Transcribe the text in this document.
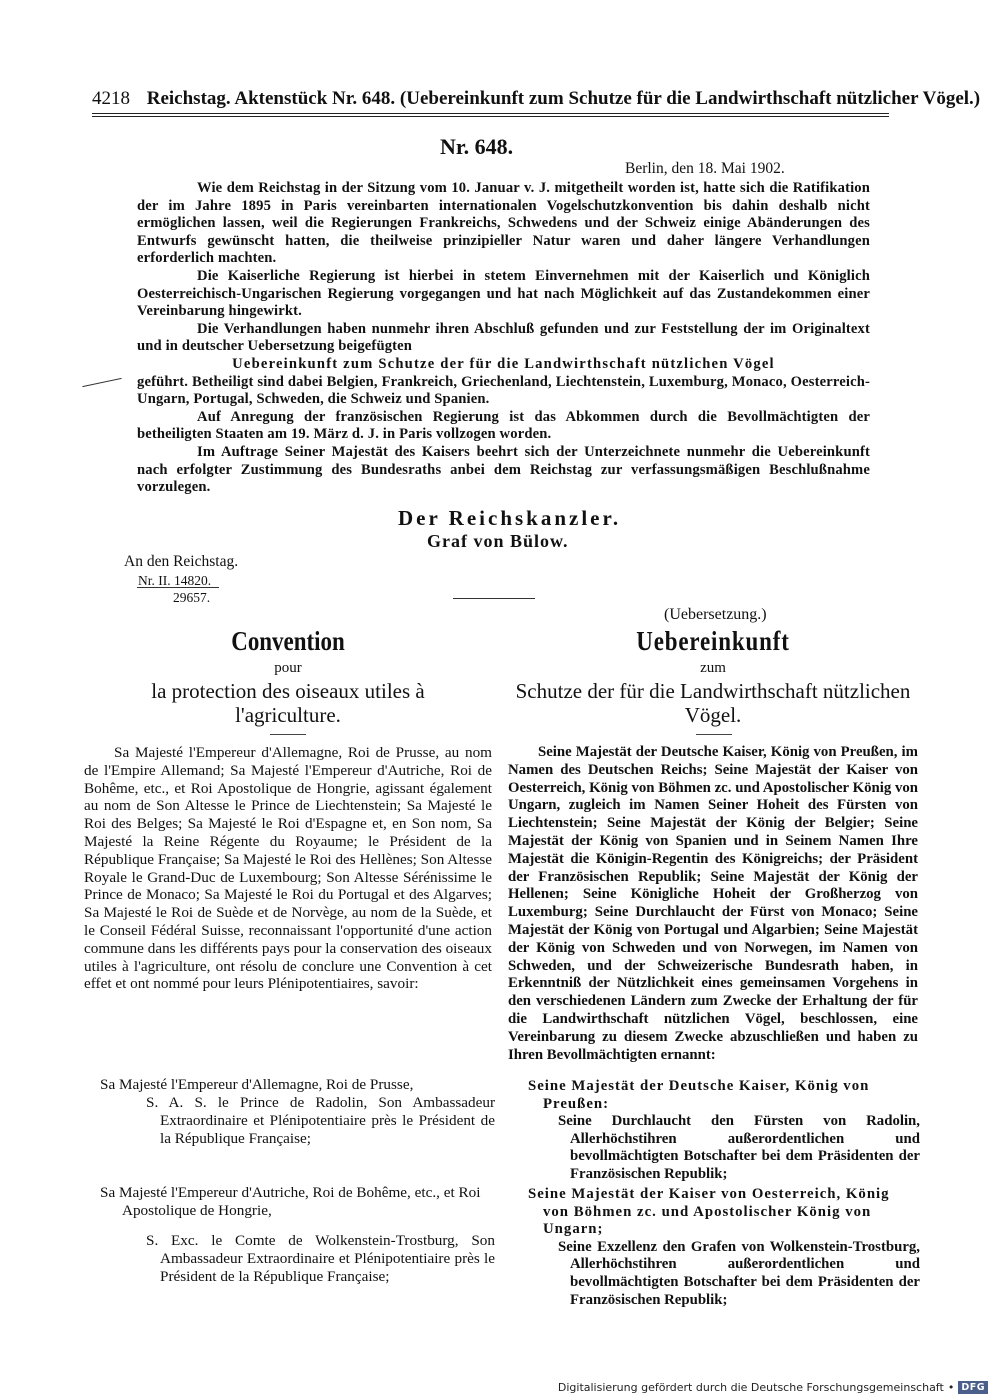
4218 Reichstag. Aktenstück Nr. 648. (Uebereinkunft zum Schutze für die Landwirthschaft nützlicher Vögel.)
Nr. 648.
Berlin, den 18. Mai 1902.

Wie dem Reichstag in der Sitzung vom 10. Januar v. J. mitgetheilt worden ist, hatte sich die Ratifikation der im Jahre 1895 in Paris vereinbarten internationalen Vogelschutzkonvention bis dahin deshalb nicht ermöglichen lassen, weil die Regierungen Frankreichs, Schwedens und der Schweiz einige Abänderungen des Entwurfs gewünscht hatten, die theilweise prinzipieller Natur waren und daher längere Verhandlungen erforderlich machten.

Die Kaiserliche Regierung ist hierbei in stetem Einvernehmen mit der Kaiserlich und Königlich Oesterreichisch-Ungarischen Regierung vorgegangen und hat nach Möglichkeit auf das Zustandekommen einer Vereinbarung hingewirkt.

Die Verhandlungen haben nunmehr ihren Abschluß gefunden und zur Feststellung der im Originaltext und in deutscher Uebersetzung beigefügten

Uebereinkunft zum Schutze der für die Landwirthschaft nützlichen Vögel

geführt. Betheiligt sind dabei Belgien, Frankreich, Griechenland, Liechtenstein, Luxemburg, Monaco, Oesterreich-Ungarn, Portugal, Schweden, die Schweiz und Spanien.

Auf Anregung der französischen Regierung ist das Abkommen durch die Bevollmächtigten der betheiligten Staaten am 19. März d. J. in Paris vollzogen worden.

Im Auftrage Seiner Majestät des Kaisers beehrt sich der Unterzeichnete nunmehr die Uebereinkunft nach erfolgter Zustimmung des Bundesraths anbei dem Reichstag zur verfassungsmäßigen Beschlußnahme vorzulegen.

Der Reichskanzler.
Graf von Bülow.
An den Reichstag.
Nr. II. 14820.
29657.
(Uebersetzung.)
Convention
pour
la protection des oiseaux utiles à
l'agriculture.
Uebereinkunft
zum
Schutze der für die Landwirthschaft nützlichen
Vögel.

Sa Majesté l'Empereur d'Allemagne, Roi de Prusse, au nom de l'Empire Allemand; Sa Majesté l'Empereur d'Autriche, Roi de Bohême, etc., et Roi Apostolique de Hongrie, agissant également au nom de Son Altesse le Prince de Liechtenstein; Sa Majesté le Roi des Belges; Sa Majesté le Roi d'Espagne et, en Son nom, Sa Majesté la Reine Régente du Royaume; le Président de la République Française; Sa Majesté le Roi des Hellènes; Son Altesse Royale le Grand-Duc de Luxembourg; Son Altesse Sérénissime le Prince de Monaco; Sa Majesté le Roi du Portugal et des Algarves; Sa Majesté le Roi de Suède et de Norvège, au nom de la Suède, et le Conseil Fédéral Suisse, reconnaissant l'opportunité d'une action commune dans les différents pays pour la conservation des oiseaux utiles à l'agriculture, ont résolu de conclure une Convention à cet effet et ont nommé pour leurs Plénipotentiaires, savoir:

Seine Majestät der Deutsche Kaiser, König von Preußen, im Namen des Deutschen Reichs; Seine Majestät der Kaiser von Oesterreich, König von Böhmen zc. und Apostolischer König von Ungarn, zugleich im Namen Seiner Hoheit des Fürsten von Liechtenstein; Seine Majestät der König der Belgier; Seine Majestät der König von Spanien und in Seinem Namen Ihre Majestät die Königin-Regentin des Königreichs; der Präsident der Französischen Republik; Seine Majestät der König der Hellenen; Seine Königliche Hoheit der Großherzog von Luxemburg; Seine Durchlaucht der Fürst von Monaco; Seine Majestät der König von Portugal und Algarbien; Seine Majestät der König von Schweden und von Norwegen, im Namen von Schweden, und der Schweizerische Bundesrath haben, in Erkenntniß der Nützlichkeit eines gemeinsamen Vorgehens in den verschiedenen Ländern zum Zwecke der Erhaltung der für die Landwirthschaft nützlichen Vögel, beschlossen, eine Vereinbarung zu diesem Zwecke abzuschließen und haben zu Ihren Bevollmächtigten ernannt:

Sa Majesté l'Empereur d'Allemagne, Roi de Prusse,
S. A. S. le Prince de Radolin, Son Ambassadeur Extraordinaire et Plénipotentiaire près le Président de la République Française;
Sa Majesté l'Empereur d'Autriche, Roi de Bohême, etc., et Roi Apostolique de Hongrie,
S. Exc. le Comte de Wolkenstein-Trostburg, Son Ambassadeur Extraordinaire et Plénipotentiaire près le Président de la République Française;
Seine Majestät der Deutsche Kaiser, König von Preußen:
Seine Durchlaucht den Fürsten von Radolin, Allerhöchstihren außerordentlichen und bevollmächtigten Botschafter bei dem Präsidenten der Französischen Republik;
Seine Majestät der Kaiser von Oesterreich, König von Böhmen zc. und Apostolischer König von Ungarn;
Seine Exzellenz den Grafen von Wolkenstein-Trostburg, Allerhöchstihren außerordentlichen und bevollmächtigten Botschafter bei dem Präsidenten der Französischen Republik;
Digitalisierung gefördert durch die Deutsche Forschungsgemeinschaft • DFG
